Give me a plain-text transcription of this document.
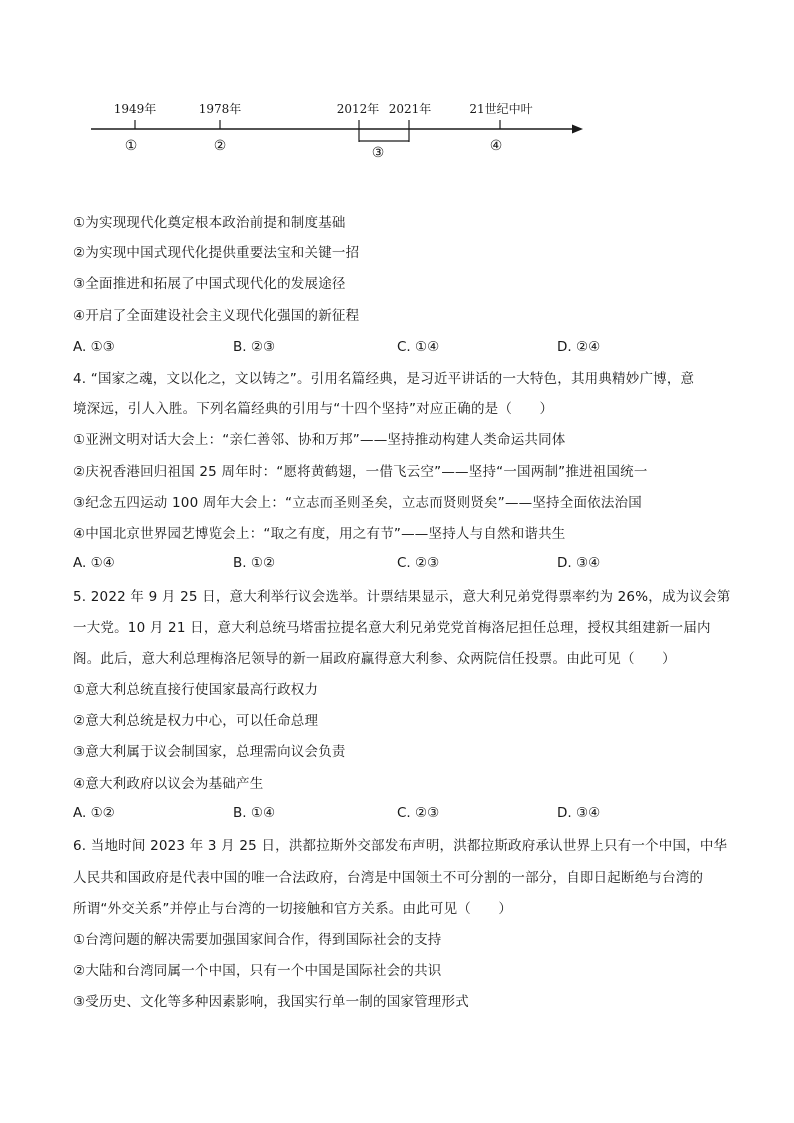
1949年	1978年	2012年 2021年	21世纪中叶
①	②	③	④
①为实现现代化奠定根本政治前提和制度基础
②为实现中国式现代化提供重要法宝和关键一招
③全面推进和拓展了中国式现代化的发展途径
④开启了全面建设社会主义现代化强国的新征程
A. ①③	B. ②③	C. ①④	D. ②④
4. “国家之魂，文以化之，文以铸之”。引用名篇经典，是习近平讲话的一大特色，其用典精妙广博，意
境深远，引人入胜。下列名篇经典的引用与“十四个坚持”对应正确的是（　　）
①亚洲文明对话大会上：“亲仁善邻、协和万邦”——坚持推动构建人类命运共同体
②庆祝香港回归祖国 25 周年时：“愿将黄鹤翅，一借飞云空”——坚持“一国两制”推进祖国统一
③纪念五四运动 100 周年大会上：“立志而圣则圣矣，立志而贤则贤矣”——坚持全面依法治国
④中国北京世界园艺博览会上：“取之有度，用之有节”——坚持人与自然和谐共生
A. ①④	B. ①②	C. ②③	D. ③④
5. 2022 年 9 月 25 日，意大利举行议会选举。计票结果显示，意大利兄弟党得票率约为 26%，成为议会第
一大党。10 月 21 日，意大利总统马塔雷拉提名意大利兄弟党党首梅洛尼担任总理，授权其组建新一届内
阁。此后，意大利总理梅洛尼领导的新一届政府赢得意大利参、众两院信任投票。由此可见（　　）
①意大利总统直接行使国家最高行政权力
②意大利总统是权力中心，可以任命总理
③意大利属于议会制国家，总理需向议会负责
④意大利政府以议会为基础产生
A. ①②	B. ①④	C. ②③	D. ③④
6. 当地时间 2023 年 3 月 25 日，洪都拉斯外交部发布声明，洪都拉斯政府承认世界上只有一个中国，中华
人民共和国政府是代表中国的唯一合法政府，台湾是中国领土不可分割的一部分，自即日起断绝与台湾的
所谓“外交关系”并停止与台湾的一切接触和官方关系。由此可见（　　）
①台湾问题的解决需要加强国家间合作，得到国际社会的支持
②大陆和台湾同属一个中国，只有一个中国是国际社会的共识
③受历史、文化等多种因素影响，我国实行单一制的国家管理形式
